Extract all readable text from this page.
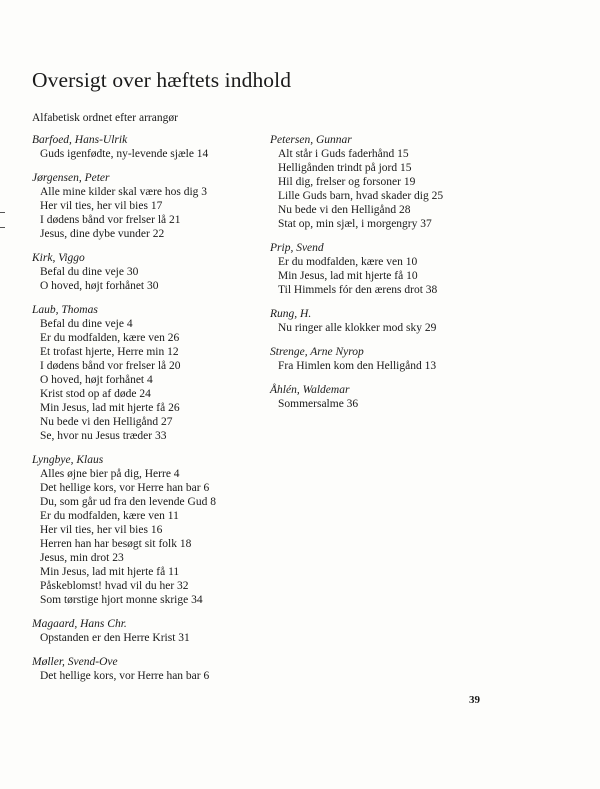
Oversigt over hæftets indhold
Alfabetisk ordnet efter arrangør
Barfoed, Hans-Ulrik
Guds igenfødte, ny-levende sjæle 14
Jørgensen, Peter
Alle mine kilder skal være hos dig 3
Her vil ties, her vil bies 17
I dødens bånd vor frelser lå 21
Jesus, dine dybe vunder 22
Kirk, Viggo
Befal du dine veje 30
O hoved, højt forhånet 30
Laub, Thomas
Befal du dine veje 4
Er du modfalden, kære ven 26
Et trofast hjerte, Herre min 12
I dødens bånd vor frelser lå 20
O hoved, højt forhånet 4
Krist stod op af døde 24
Min Jesus, lad mit hjerte få 26
Nu bede vi den Helligånd 27
Se, hvor nu Jesus træder 33
Lyngbye, Klaus
Alles øjne bier på dig, Herre 4
Det hellige kors, vor Herre han bar 6
Du, som går ud fra den levende Gud 8
Er du modfalden, kære ven 11
Her vil ties, her vil bies 16
Herren han har besøgt sit folk 18
Jesus, min drot 23
Min Jesus, lad mit hjerte få 11
Påskeblomst! hvad vil du her 32
Som tørstige hjort monne skrige 34
Magaard, Hans Chr.
Opstanden er den Herre Krist 31
Møller, Svend-Ove
Det hellige kors, vor Herre han bar 6
Petersen, Gunnar
Alt står i Guds faderhånd 15
Helligånden trindt på jord 15
Hil dig, frelser og forsoner 19
Lille Guds barn, hvad skader dig 25
Nu bede vi den Helligånd 28
Stat op, min sjæl, i morgengry 37
Prip, Svend
Er du modfalden, kære ven 10
Min Jesus, lad mit hjerte få 10
Til Himmels fór den ærens drot 38
Rung, H.
Nu ringer alle klokker mod sky 29
Strenge, Arne Nyrop
Fra Himlen kom den Helligånd 13
Åhlén, Waldemar
Sommersalme 36
39
